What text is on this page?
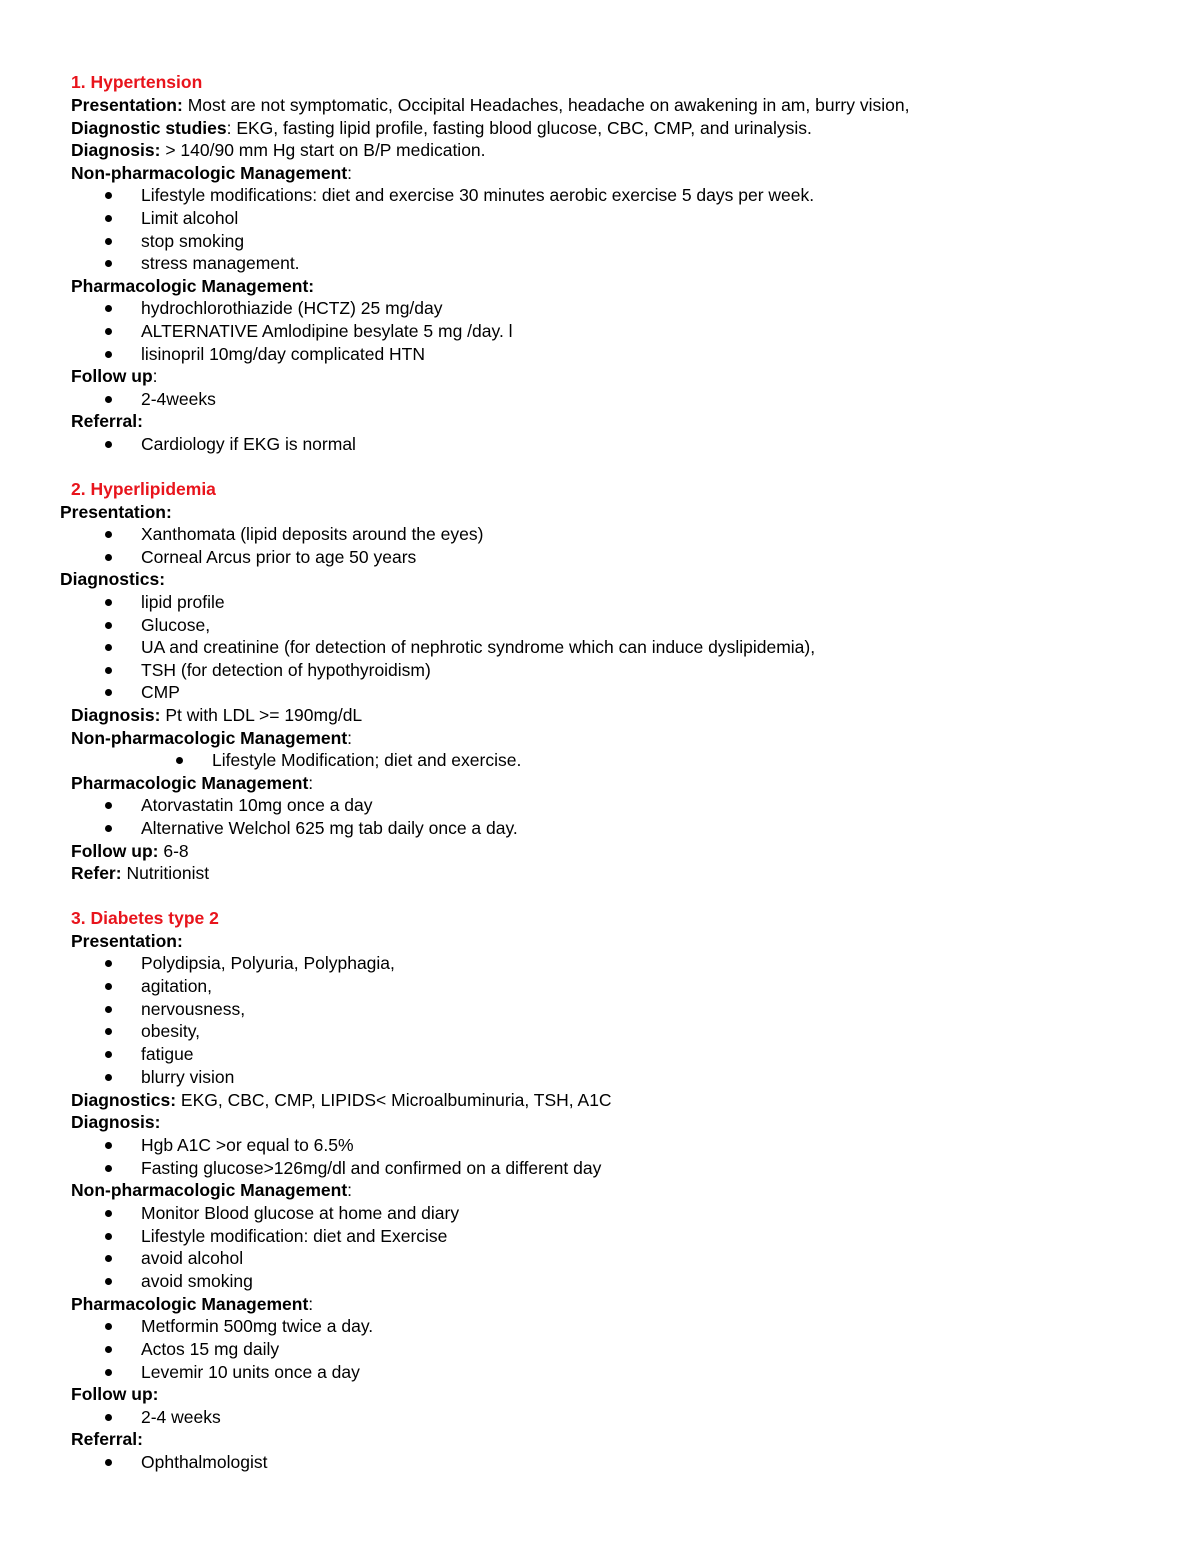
1. Hypertension
Presentation: Most are not symptomatic, Occipital Headaches, headache on awakening in am, burry vision,
Diagnostic studies: EKG, fasting lipid profile, fasting blood glucose, CBC, CMP, and urinalysis.
Diagnosis: > 140/90 mm Hg start on B/P medication.
Non-pharmacologic Management:
Lifestyle modifications: diet and exercise 30 minutes aerobic exercise 5 days per week.
Limit alcohol
stop smoking
stress management.
Pharmacologic Management:
hydrochlorothiazide (HCTZ) 25 mg/day
ALTERNATIVE Amlodipine besylate 5 mg /day. l
lisinopril 10mg/day complicated HTN
Follow up:
2-4weeks
Referral:
Cardiology if EKG is normal
2. Hyperlipidemia
Presentation:
Xanthomata (lipid deposits around the eyes)
Corneal Arcus prior to age 50 years
Diagnostics:
lipid profile
Glucose,
UA and creatinine (for detection of nephrotic syndrome which can induce dyslipidemia),
TSH (for detection of hypothyroidism)
CMP
Diagnosis: Pt with LDL >= 190mg/dL
Non-pharmacologic Management:
Lifestyle Modification; diet and exercise.
Pharmacologic Management:
Atorvastatin 10mg once a day
Alternative Welchol 625 mg tab daily once a day.
Follow up: 6-8
Refer: Nutritionist
3. Diabetes type 2
Presentation:
Polydipsia, Polyuria, Polyphagia,
agitation,
nervousness,
obesity,
fatigue
blurry vision
Diagnostics: EKG, CBC, CMP, LIPIDS< Microalbuminuria, TSH, A1C
Diagnosis:
Hgb A1C >or equal to 6.5%
Fasting glucose>126mg/dl and confirmed on a different day
Non-pharmacologic Management:
Monitor Blood glucose at home and diary
Lifestyle modification: diet and Exercise
avoid alcohol
avoid smoking
Pharmacologic Management:
Metformin 500mg twice a day.
Actos 15 mg daily
Levemir 10 units once a day
Follow up:
2-4 weeks
Referral:
Ophthalmologist
